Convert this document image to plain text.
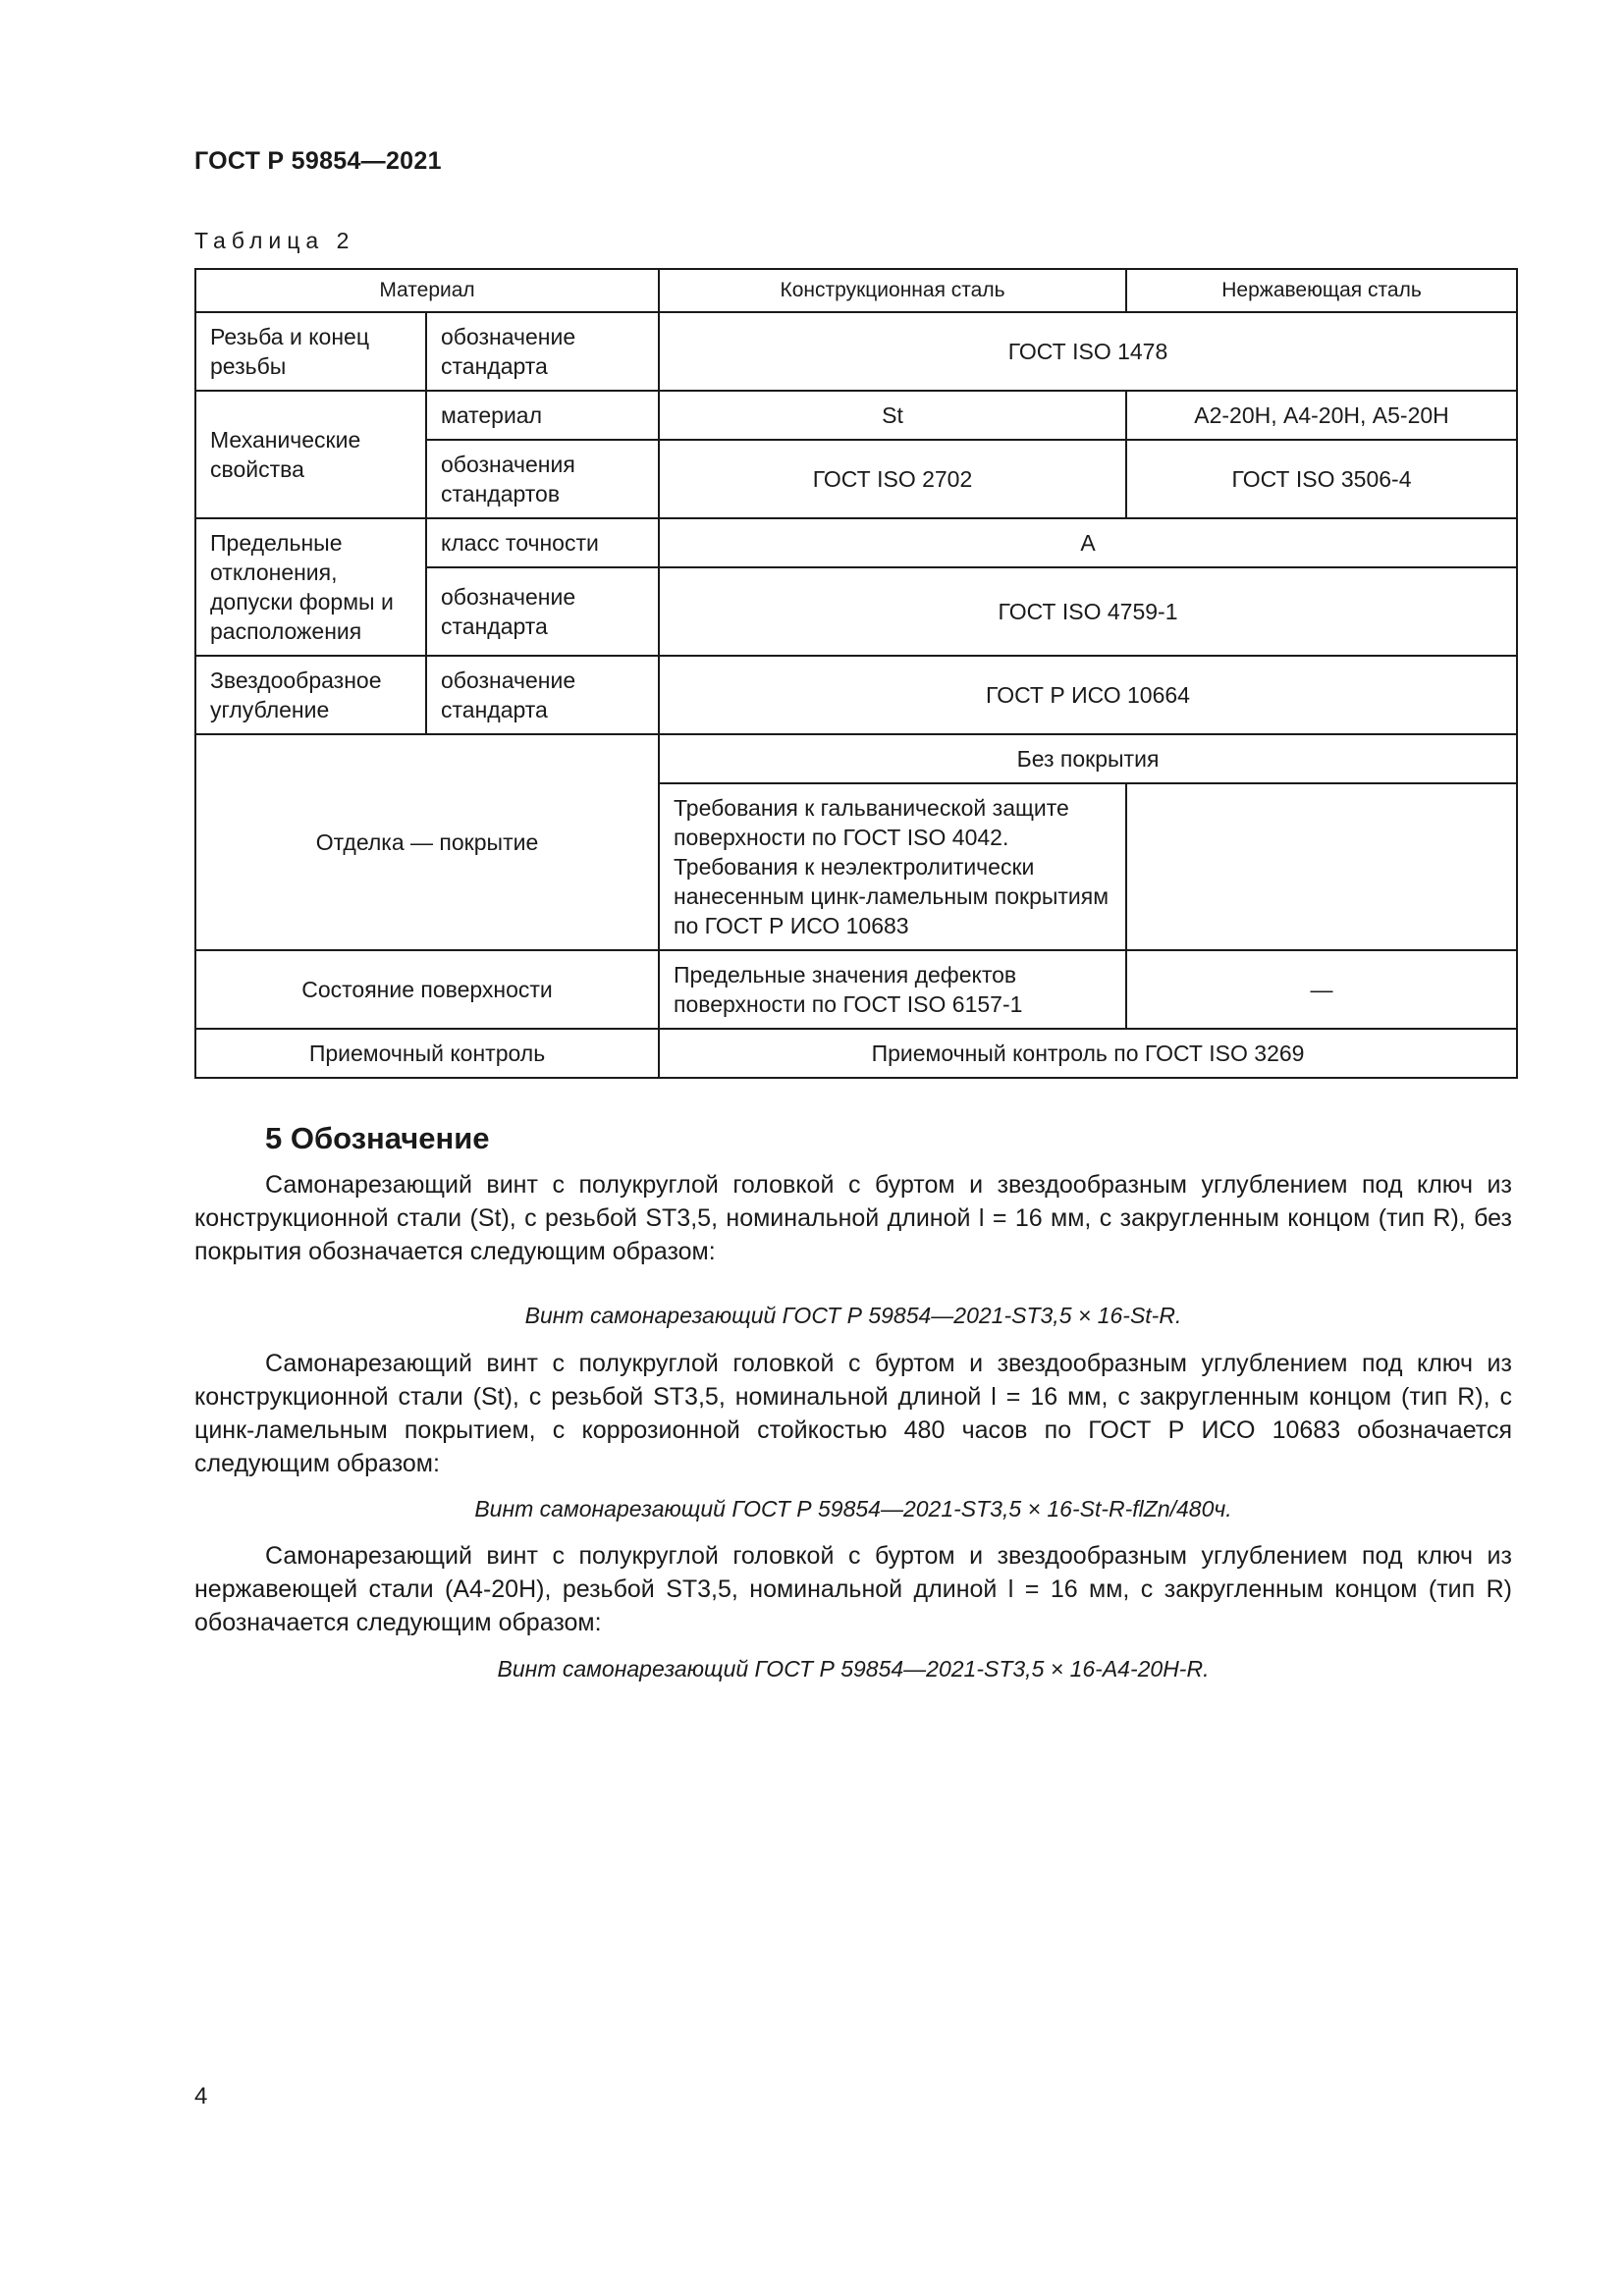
ГОСТ Р 59854—2021
Таблица 2
Материал		Конструкционная сталь	Нержавеющая сталь
Резьба и конец резьбы	обозначение стандарта	ГОСТ ISO 1478	
Механические свойства	материал	St	А2-20Н, А4-20Н, А5-20Н
	обозначения стандартов	ГОСТ ISO 2702	ГОСТ ISO 3506-4
Предельные отклонения, допуски формы и расположения	класс точности	А	
	обозначение стандарта	ГОСТ ISO 4759-1	
Звездообразное углубление	обозначение стандарта	ГОСТ Р ИСО 10664	
Отделка — покрытие		Без покрытия	
		Требования к гальванической защите поверхности по ГОСТ ISO 4042. Требования к неэлектролитически нанесенным цинк-ламельным покрытиям по ГОСТ Р ИСО 10683	
Состояние поверхности		Предельные значения дефектов поверхности по ГОСТ ISO 6157-1	—
Приемочный контроль		Приемочный контроль по ГОСТ ISO 3269	
5 Обозначение

Самонарезающий винт с полукруглой головкой с буртом и звездообразным углублением под ключ из конструкционной стали (St), с резьбой ST3,5, номинальной длиной l = 16 мм, с закругленным концом (тип R), без покрытия обозначается следующим образом:

Винт самонарезающий ГОСТ Р 59854—2021-ST3,5 × 16-St-R.

Самонарезающий винт с полукруглой головкой с буртом и звездообразным углублением под ключ из конструкционной стали (St), с резьбой ST3,5, номинальной длиной l = 16 мм, с закругленным концом (тип R), с цинк-ламельным покрытием, с коррозионной стойкостью 480 часов по ГОСТ Р ИСО 10683 обозначается следующим образом:

Винт самонарезающий ГОСТ Р 59854—2021-ST3,5 × 16-St-R-flZn/480ч.

Самонарезающий винт с полукруглой головкой с буртом и звездообразным углублением под ключ из нержавеющей стали (А4-20Н), резьбой ST3,5, номинальной длиной l = 16 мм, с закругленным концом (тип R) обозначается следующим образом:

Винт самонарезающий ГОСТ Р 59854—2021-ST3,5 × 16-A4-20H-R.
4
